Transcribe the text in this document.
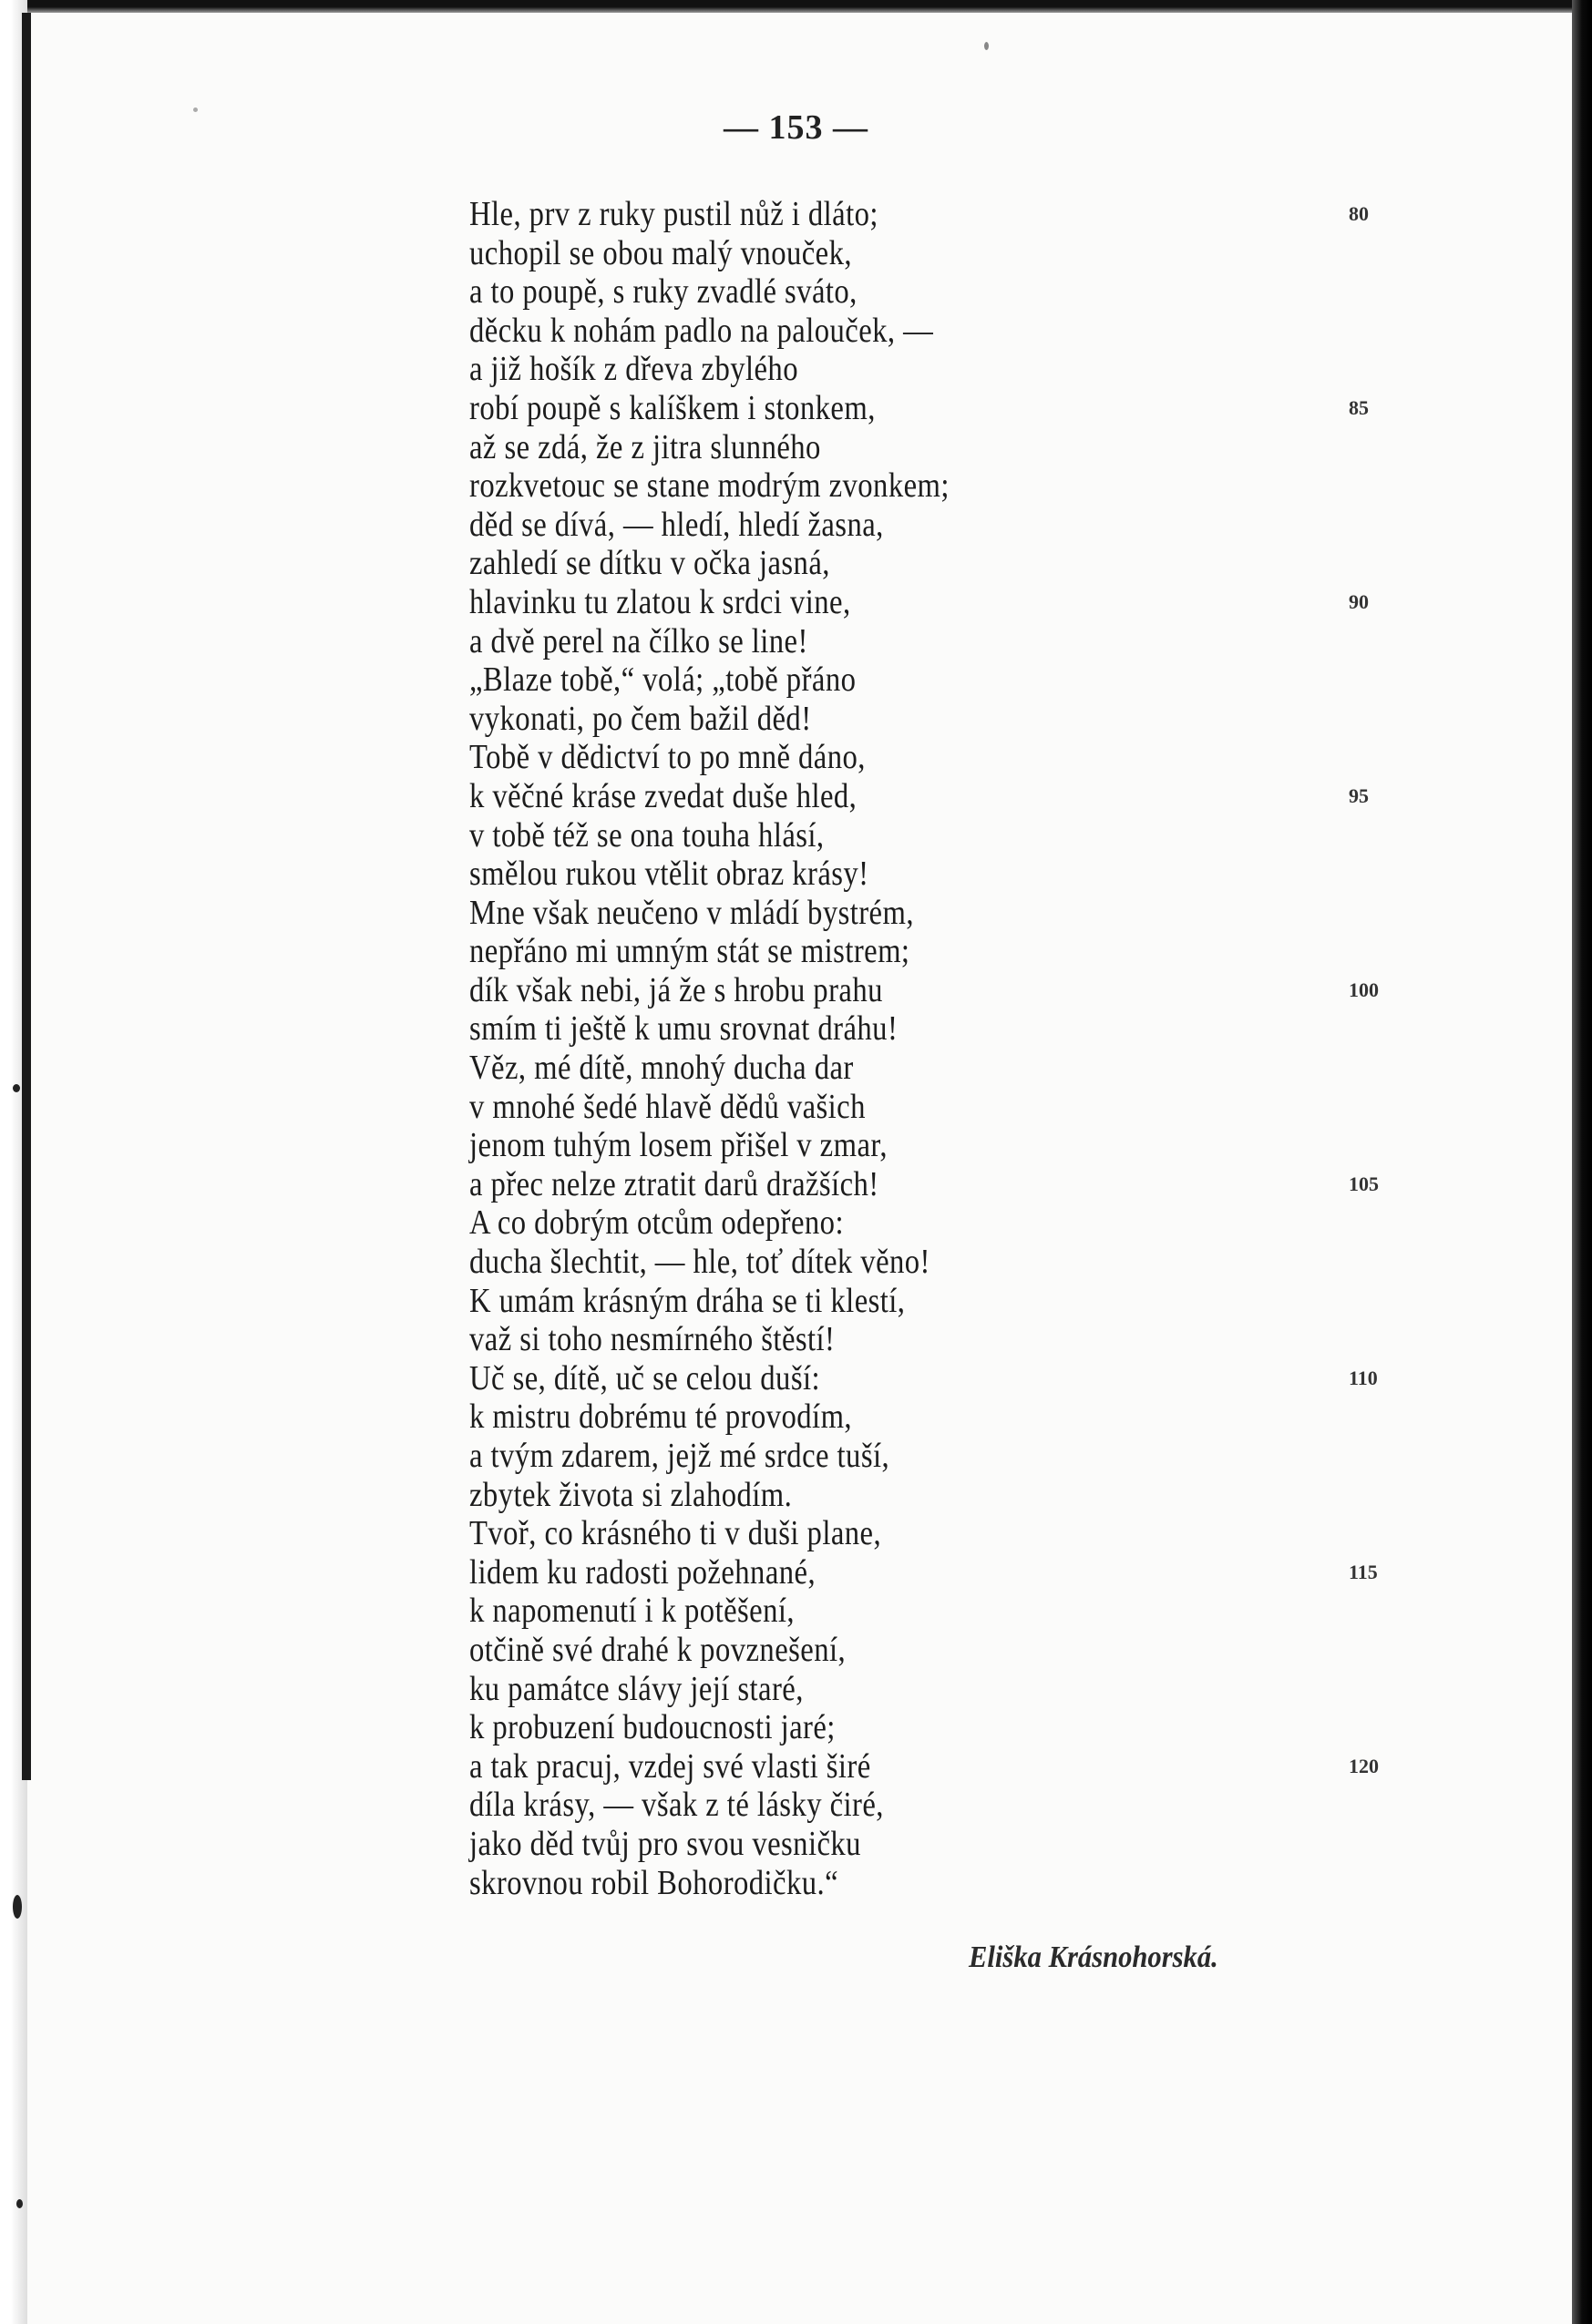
— 153 —
Hle, prv z ruky pustil nůž i dláto;
uchopil se obou malý vnouček,
a to poupě, s ruky zvadlé sváto,
děcku k nohám padlo na palouček, —
a již hošík z dřeva zbylého
robí poupě s kalíškem i stonkem,
až se zdá, že z jitra slunného
rozkvetouc se stane modrým zvonkem;
děd se dívá, — hledí, hledí žasna,
zahledí se dítku v očka jasná,
hlavinku tu zlatou k srdci vine,
a dvě perel na čílko se line!
„Blaze tobě,“ volá; „tobě přáno
vykonati, po čem bažil děd!
Tobě v dědictví to po mně dáno,
k věčné kráse zvedat duše hled,
v tobě též se ona touha hlásí,
smělou rukou vtělit obraz krásy!
Mne však neučeno v mládí bystrém,
nepřáno mi umným stát se mistrem;
dík však nebi, já že s hrobu prahu
smím ti ještě k umu srovnat dráhu!
Věz, mé dítě, mnohý ducha dar
v mnohé šedé hlavě dědů vašich
jenom tuhým losem přišel v zmar,
a přec nelze ztratit darů dražších!
A co dobrým otcům odepřeno:
ducha šlechtit, — hle, toť dítek věno!
K umám krásným dráha se ti klestí,
važ si toho nesmírného štěstí!
Uč se, dítě, uč se celou duší:
k mistru dobrému té provodím,
a tvým zdarem, jejž mé srdce tuší,
zbytek života si zlahodím.
Tvoř, co krásného ti v duši plane,
lidem ku radosti požehnané,
k napomenutí i k potěšení,
otčině své drahé k povznešení,
ku památce slávy její staré,
k probuzení budoucnosti jaré;
a tak pracuj, vzdej své vlasti širé
díla krásy, — však z té lásky čiré,
jako děd tvůj pro svou vesničku
skrovnou robil Bohorodičku.“
80
85
90
95
100
105
110
115
120
Eliška Krásnohorská.
